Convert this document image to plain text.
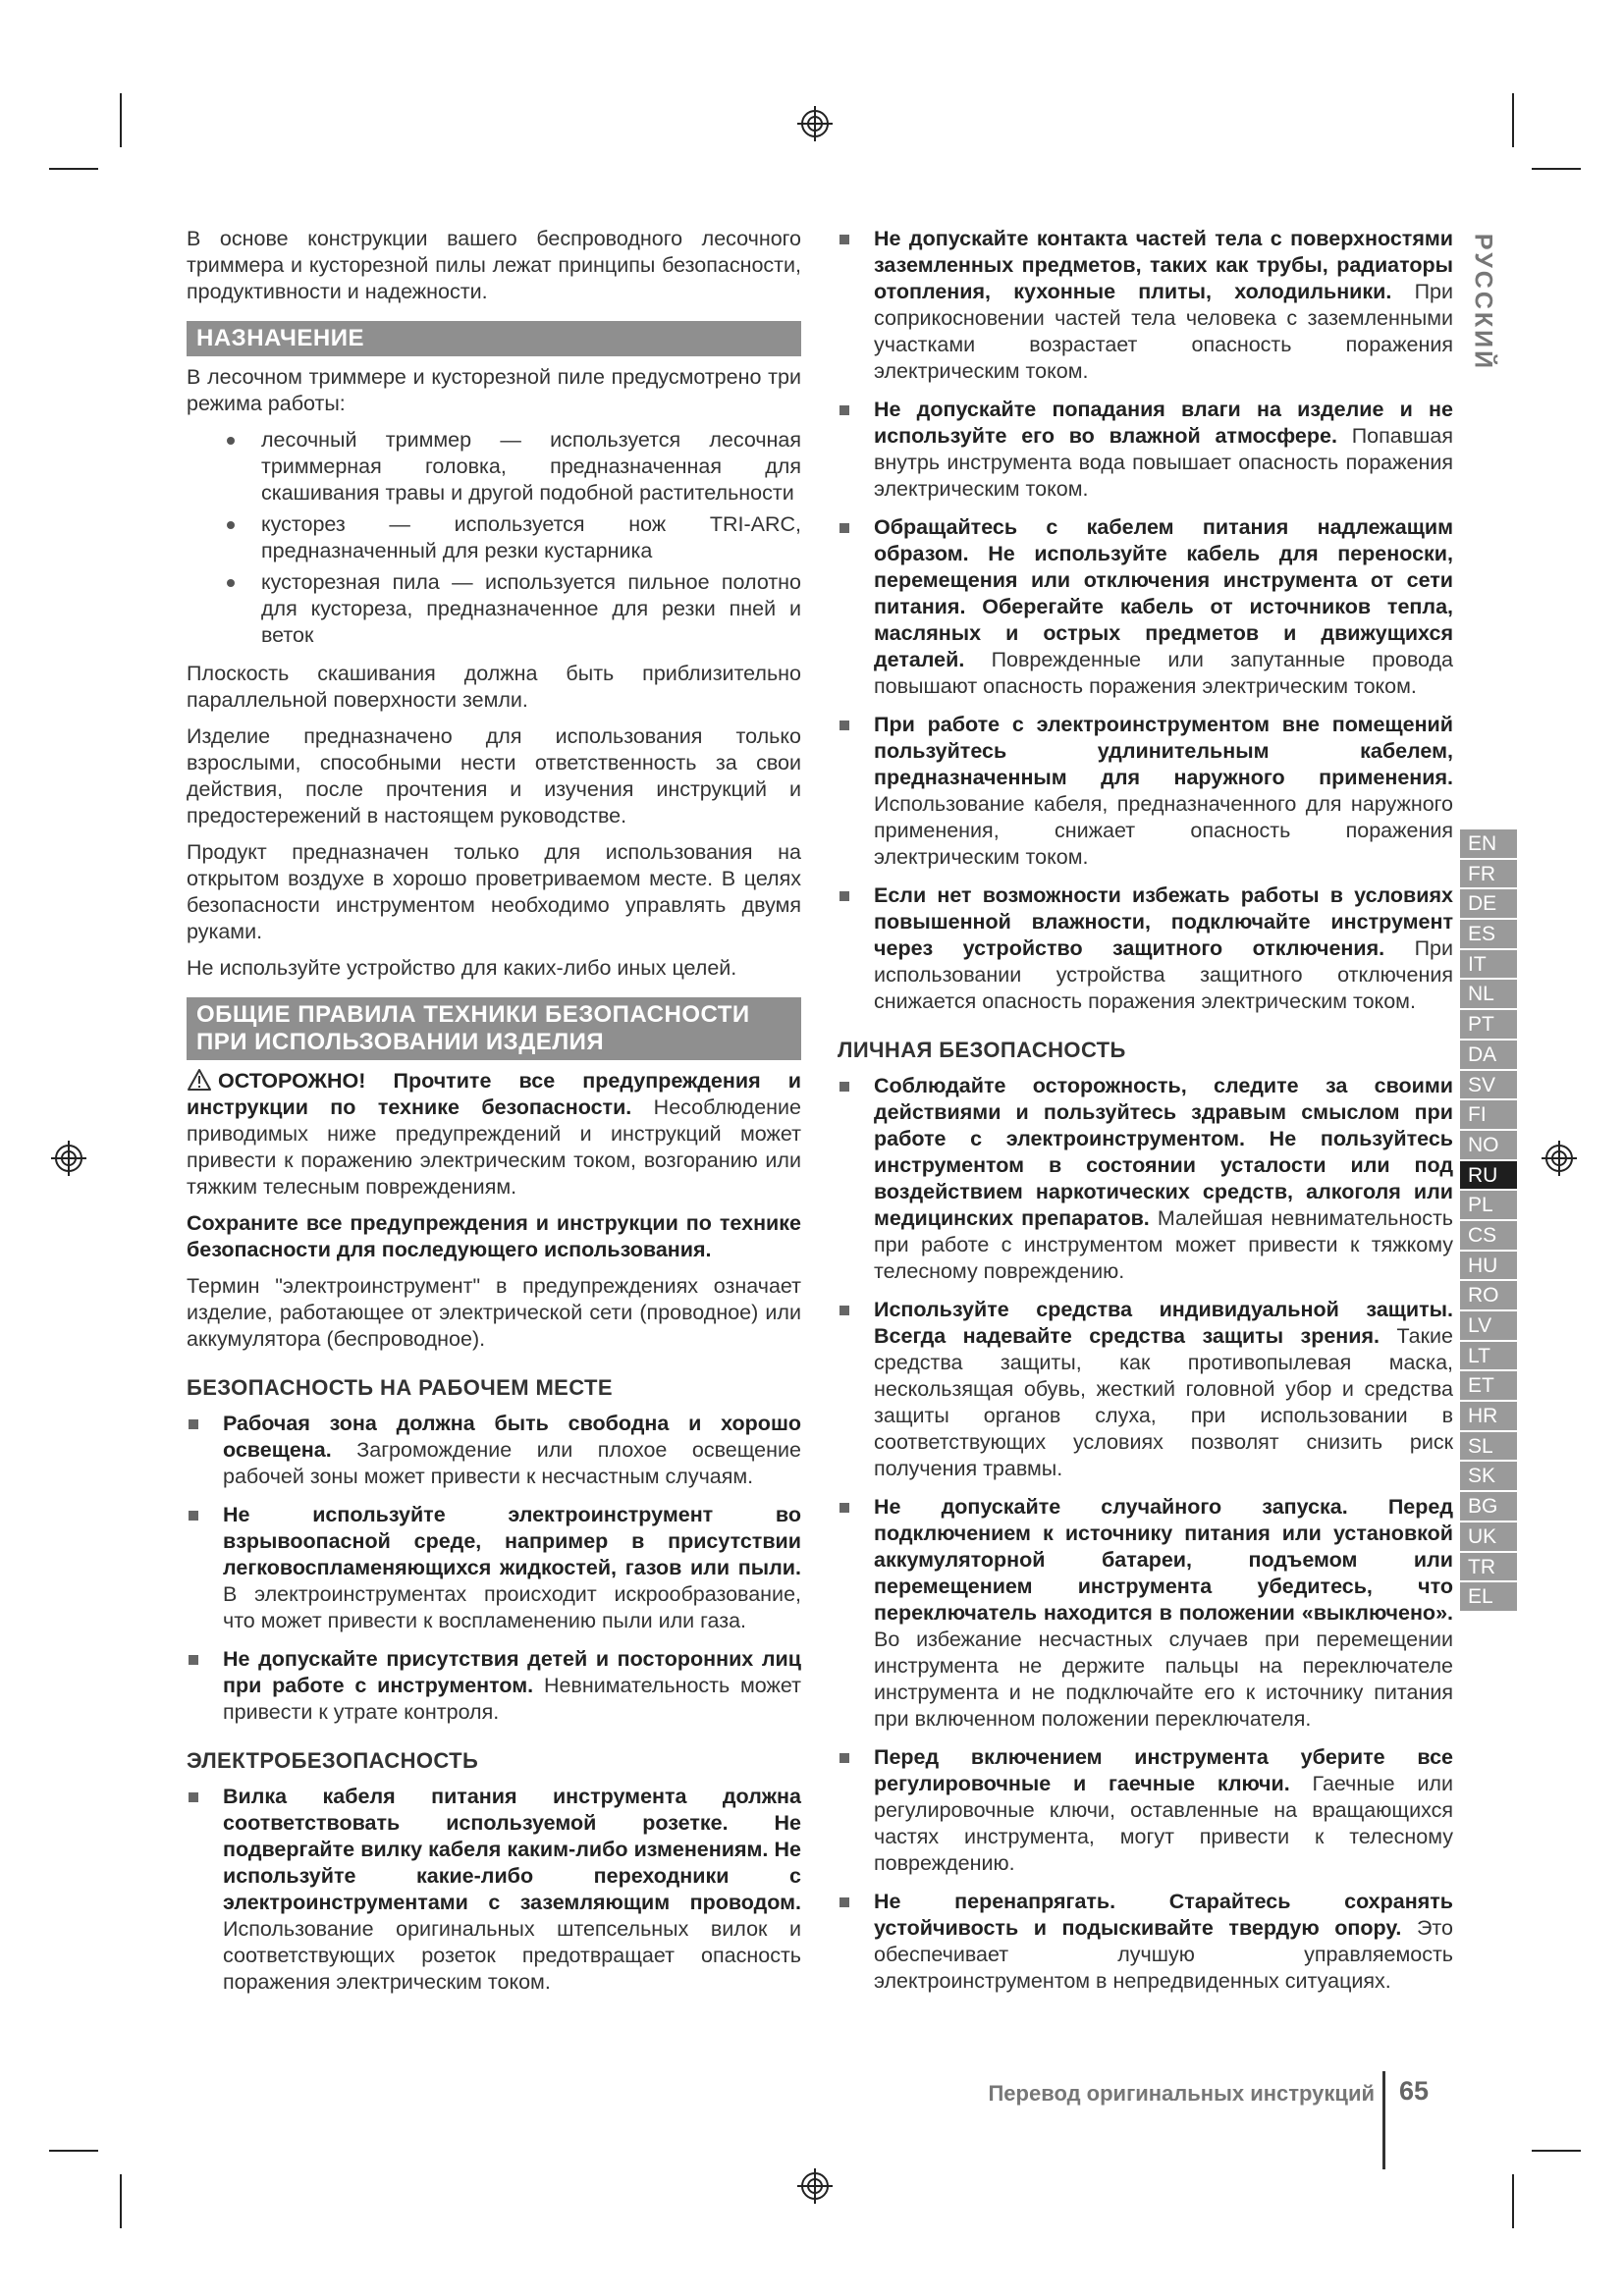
РУССКИЙ

В основе конструкции вашего беспроводного лесочного триммера и кусторезной пилы лежат принципы безопасности, продуктивности и надежности.

НАЗНАЧЕНИЕ

В лесочном триммере и кусторезной пиле предусмотрено три режима работы:

лесочный триммер — используется лесочная триммерная головка, предназначенная для скашивания травы и другой подобной растительности
кусторез — используется нож TRI-ARC, предназначенный для резки кустарника
кусторезная пила — используется пильное полотно для кустореза, предназначенное для резки пней и веток

Плоскость скашивания должна быть приблизительно параллельной поверхности земли.

Изделие предназначено для использования только взрослыми, способными нести ответственность за свои действия, после прочтения и изучения инструкций и предостережений в настоящем руководстве.

Продукт предназначен только для использования на открытом воздухе в хорошо проветриваемом месте. В целях безопасности инструментом необходимо управлять двумя руками.

Не используйте устройство для каких-либо иных целей.

ОБЩИЕ ПРАВИЛА ТЕХНИКИ БЕЗОПАСНОСТИ
ПРИ ИСПОЛЬЗОВАНИИ ИЗДЕЛИЯ

ОСТОРОЖНО! Прочтите все предупреждения и инструкции по технике безопасности. Несоблюдение приводимых ниже предупреждений и инструкций может привести к поражению электрическим током, возгоранию или тяжким телесным повреждениям.

Сохраните все предупреждения и инструкции по технике безопасности для последующего использования.

Термин "электроинструмент" в предупреждениях означает изделие, работающее от электрической сети (проводное) или аккумулятора (беспроводное).

БЕЗОПАСНОСТЬ НА РАБОЧЕМ МЕСТЕ
Рабочая зона должна быть свободна и хорошо освещена. Загромождение или плохое освещение рабочей зоны может привести к несчастным случаям.
Не используйте электроинструмент во взрывоопасной среде, например в присутствии легковоспламеняющихся жидкостей, газов или пыли. В электроинструментах происходит искрообразование, что может привести к воспламенению пыли или газа.
Не допускайте присутствия детей и посторонних лиц при работе с инструментом. Невнимательность может привести к утрате контроля.
ЭЛЕКТРОБЕЗОПАСНОСТЬ
Вилка кабеля питания инструмента должна соответствовать используемой розетке. Не подвергайте вилку кабеля каким-либо изменениям. Не используйте какие-либо переходники с электроинструментами с заземляющим проводом. Использование оригинальных штепсельных вилок и соответствующих розеток предотвращает опасность поражения электрическим током.
Не допускайте контакта частей тела с поверхностями заземленных предметов, таких как трубы, радиаторы отопления, кухонные плиты, холодильники. При соприкосновении частей тела человека с заземленными участками возрастает опасность поражения электрическим током.
Не допускайте попадания влаги на изделие и не используйте его во влажной атмосфере. Попавшая внутрь инструмента вода повышает опасность поражения электрическим током.
Обращайтесь с кабелем питания надлежащим образом. Не используйте кабель для переноски, перемещения или отключения инструмента от сети питания. Оберегайте кабель от источников тепла, масляных и острых предметов и движущихся деталей. Поврежденные или запутанные провода повышают опасность поражения электрическим током.
При работе с электроинструментом вне помещений пользуйтесь удлинительным кабелем, предназначенным для наружного применения. Использование кабеля, предназначенного для наружного применения, снижает опасность поражения электрическим током.
Если нет возможности избежать работы в условиях повышенной влажности, подключайте инструмент через устройство защитного отключения. При использовании устройства защитного отключения снижается опасность поражения электрическим током.
ЛИЧНАЯ БЕЗОПАСНОСТЬ
Соблюдайте осторожность, следите за своими действиями и пользуйтесь здравым смыслом при работе с электроинструментом. Не пользуйтесь инструментом в состоянии усталости или под воздействием наркотических средств, алкоголя или медицинских препаратов. Малейшая невнимательность при работе с инструментом может привести к тяжкому телесному повреждению.
Используйте средства индивидуальной защиты. Всегда надевайте средства защиты зрения. Такие средства защиты, как противопылевая маска, нескользящая обувь, жесткий головной убор и средства защиты органов слуха, при использовании в соответствующих условиях позволят снизить риск получения травмы.
Не допускайте случайного запуска. Перед подключением к источнику питания или установкой аккумуляторной батареи, подъемом или перемещением инструмента убедитесь, что переключатель находится в положении «выключено». Во избежание несчастных случаев при перемещении инструмента не держите пальцы на переключателе инструмента и не подключайте его к источнику питания при включенном положении переключателя.
Перед включением инструмента уберите все регулировочные и гаечные ключи. Гаечные или регулировочные ключи, оставленные на вращающихся частях инструмента, могут привести к телесному повреждению.
Не перенапрягать. Старайтесь сохранять устойчивость и подыскивайте твердую опору. Это обеспечивает лучшую управляемость электроинструментом в непредвиденных ситуациях.
EN
FR
DE
ES
IT
NL
PT
DA
SV
FI
NO
RU
PL
CS
HU
RO
LV
LT
ET
HR
SL
SK
BG
UK
TR
EL
Перевод оригинальных инструкций 65
